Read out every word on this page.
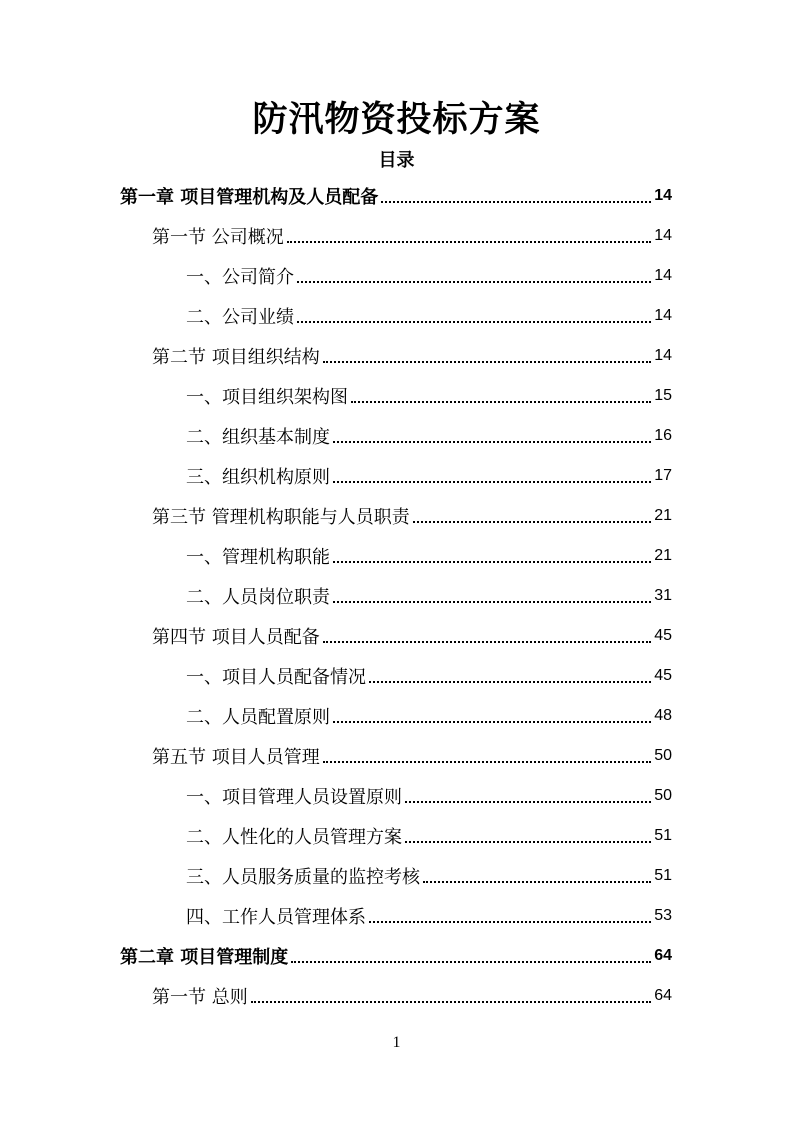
防汛物资投标方案
目录
第一章 项目管理机构及人员配备	14
第一节 公司概况	14
一、公司简介	14
二、公司业绩	14
第二节 项目组织结构	14
一、项目组织架构图	15
二、组织基本制度	16
三、组织机构原则	17
第三节 管理机构职能与人员职责	21
一、管理机构职能	21
二、人员岗位职责	31
第四节 项目人员配备	45
一、项目人员配备情况	45
二、人员配置原则	48
第五节 项目人员管理	50
一、项目管理人员设置原则	50
二、人性化的人员管理方案	51
三、人员服务质量的监控考核	51
四、工作人员管理体系	53
第二章 项目管理制度	64
第一节 总则	64
1
